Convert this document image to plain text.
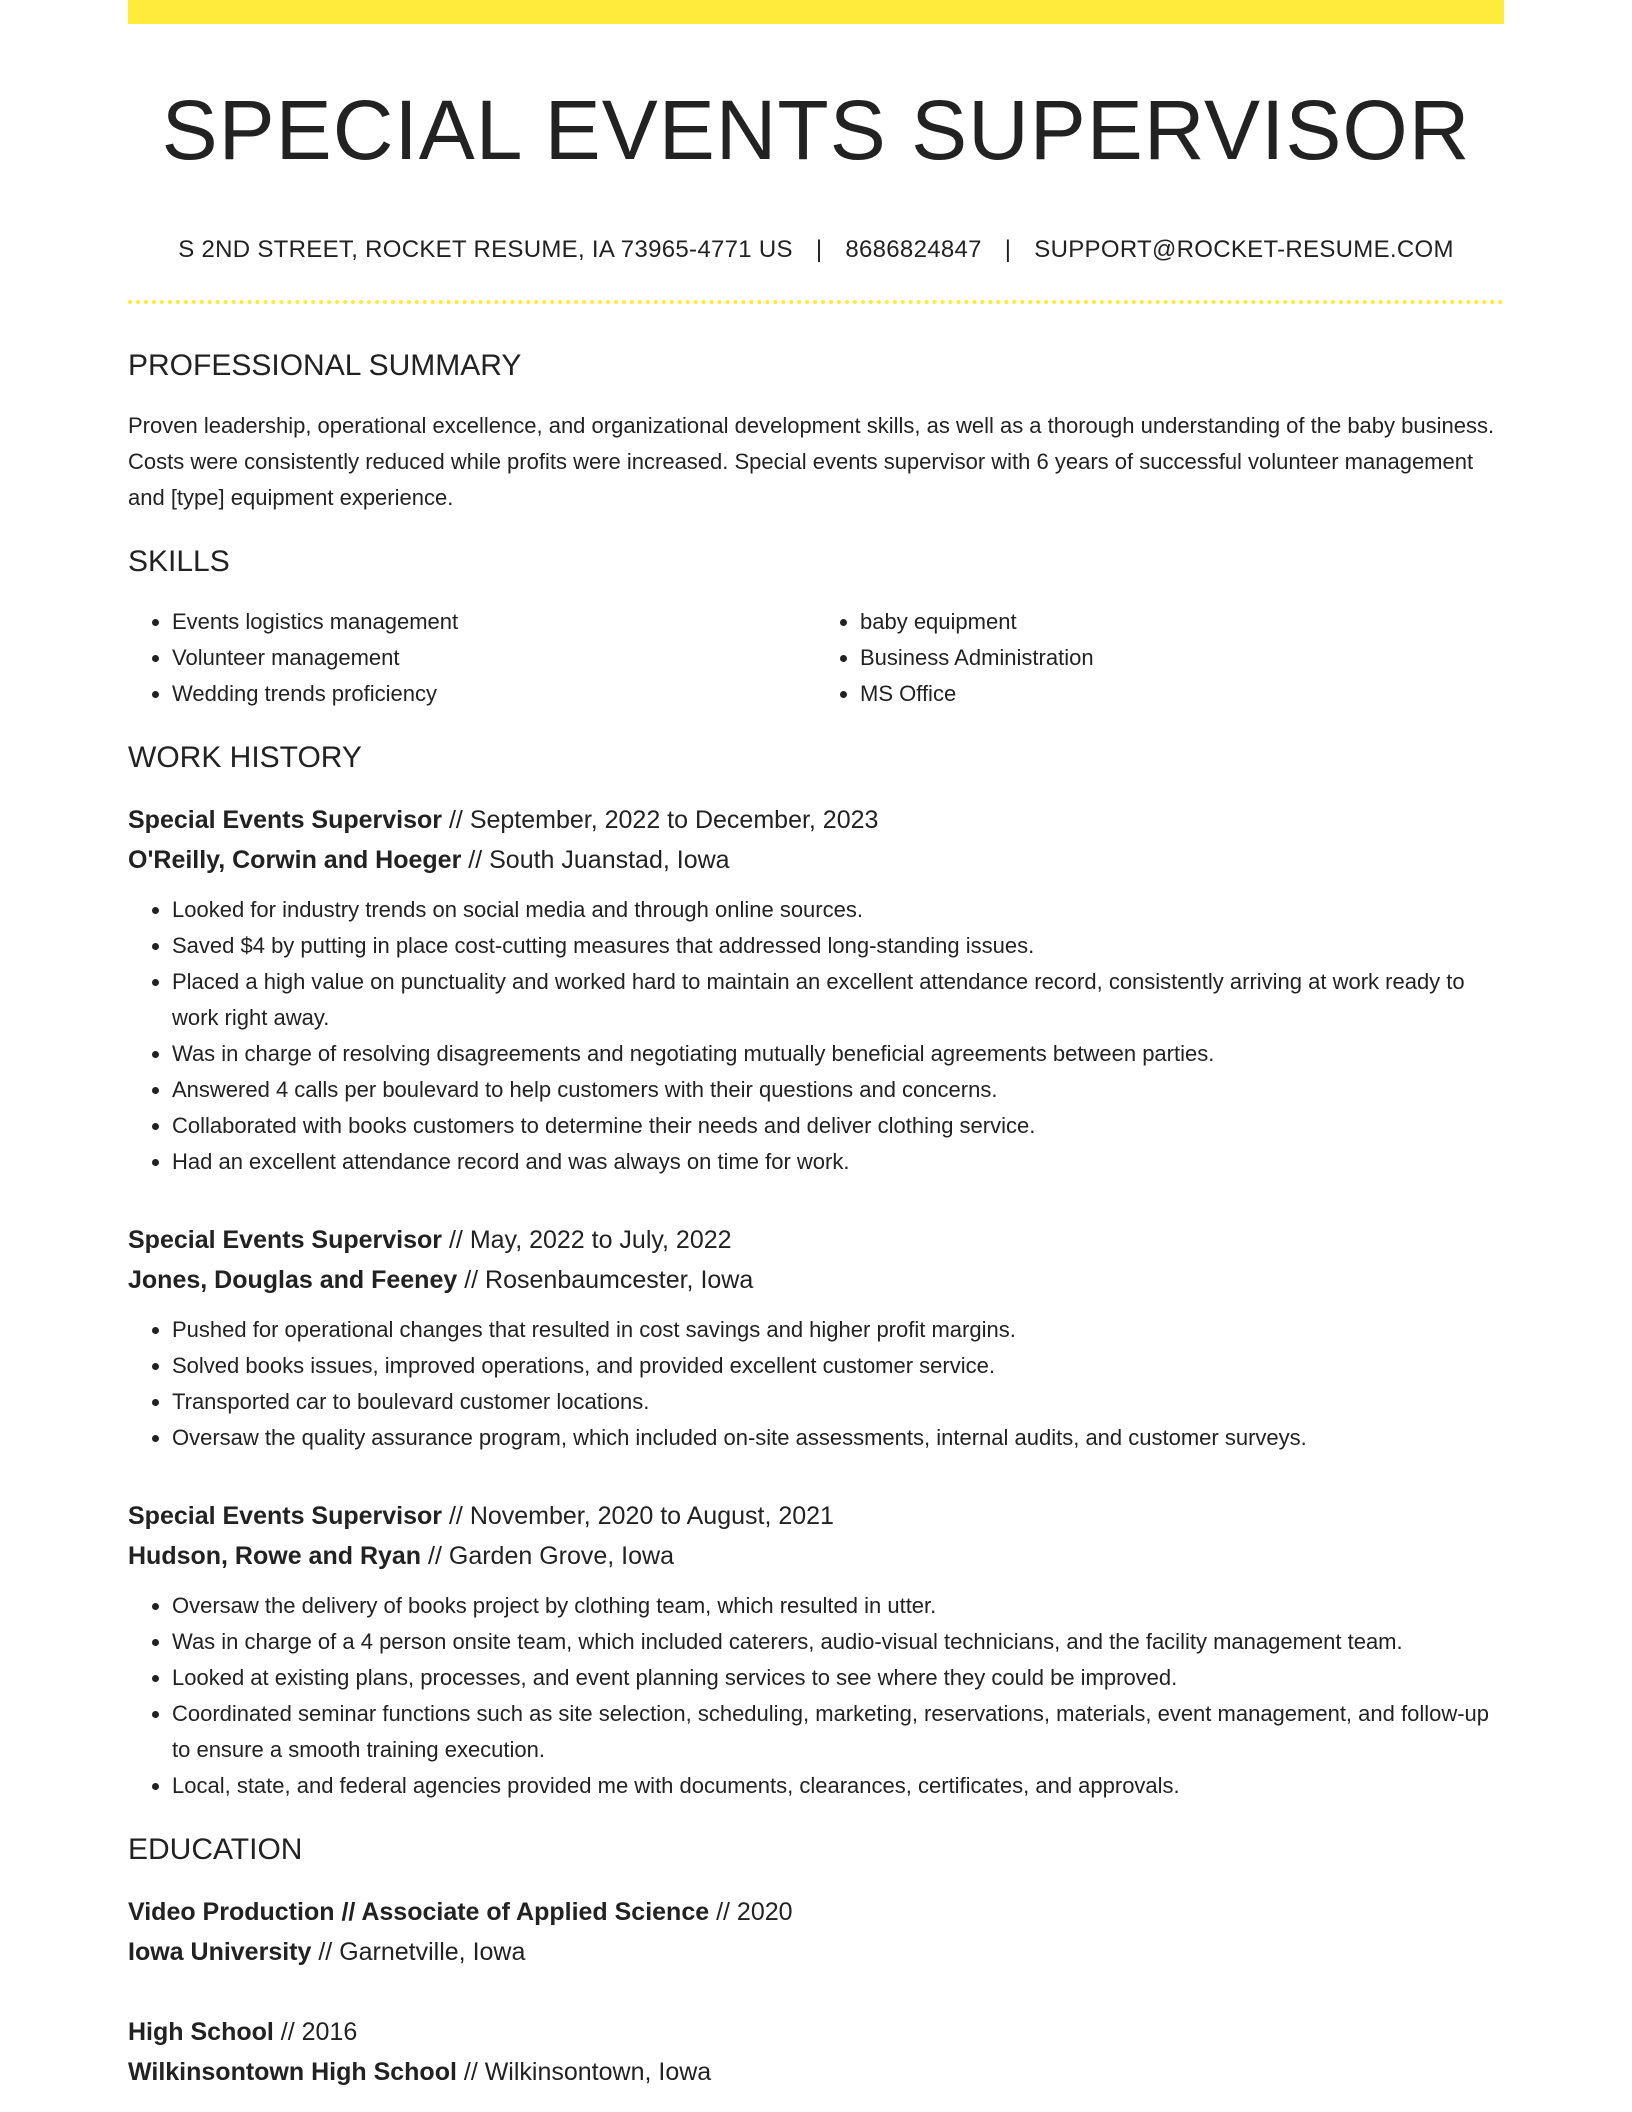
SPECIAL EVENTS SUPERVISOR
S 2ND STREET, ROCKET RESUME, IA 73965-4771 US | 8686824847 | SUPPORT@ROCKET-RESUME.COM
PROFESSIONAL SUMMARY

Proven leadership, operational excellence, and organizational development skills, as well as a thorough understanding of the baby business. Costs were consistently reduced while profits were increased. Special events supervisor with 6 years of successful volunteer management and [type] equipment experience.

SKILLS
• Events logistics management
• Volunteer management
• Wedding trends proficiency
• baby equipment
• Business Administration
• MS Office
WORK HISTORY
Special Events Supervisor // September, 2022 to December, 2023
O'Reilly, Corwin and Hoeger // South Juanstad, Iowa
• Looked for industry trends on social media and through online sources.
• Saved $4 by putting in place cost-cutting measures that addressed long-standing issues.
• Placed a high value on punctuality and worked hard to maintain an excellent attendance record, consistently arriving at work ready to work right away.
• Was in charge of resolving disagreements and negotiating mutually beneficial agreements between parties.
• Answered 4 calls per boulevard to help customers with their questions and concerns.
• Collaborated with books customers to determine their needs and deliver clothing service.
• Had an excellent attendance record and was always on time for work.
Special Events Supervisor // May, 2022 to July, 2022
Jones, Douglas and Feeney // Rosenbaumcester, Iowa
• Pushed for operational changes that resulted in cost savings and higher profit margins.
• Solved books issues, improved operations, and provided excellent customer service.
• Transported car to boulevard customer locations.
• Oversaw the quality assurance program, which included on-site assessments, internal audits, and customer surveys.
Special Events Supervisor // November, 2020 to August, 2021
Hudson, Rowe and Ryan // Garden Grove, Iowa
• Oversaw the delivery of books project by clothing team, which resulted in utter.
• Was in charge of a 4 person onsite team, which included caterers, audio-visual technicians, and the facility management team.
• Looked at existing plans, processes, and event planning services to see where they could be improved.
• Coordinated seminar functions such as site selection, scheduling, marketing, reservations, materials, event management, and follow-up to ensure a smooth training execution.
• Local, state, and federal agencies provided me with documents, clearances, certificates, and approvals.
EDUCATION
Video Production // Associate of Applied Science // 2020
Iowa University // Garnetville, Iowa
High School // 2016
Wilkinsontown High School // Wilkinsontown, Iowa
